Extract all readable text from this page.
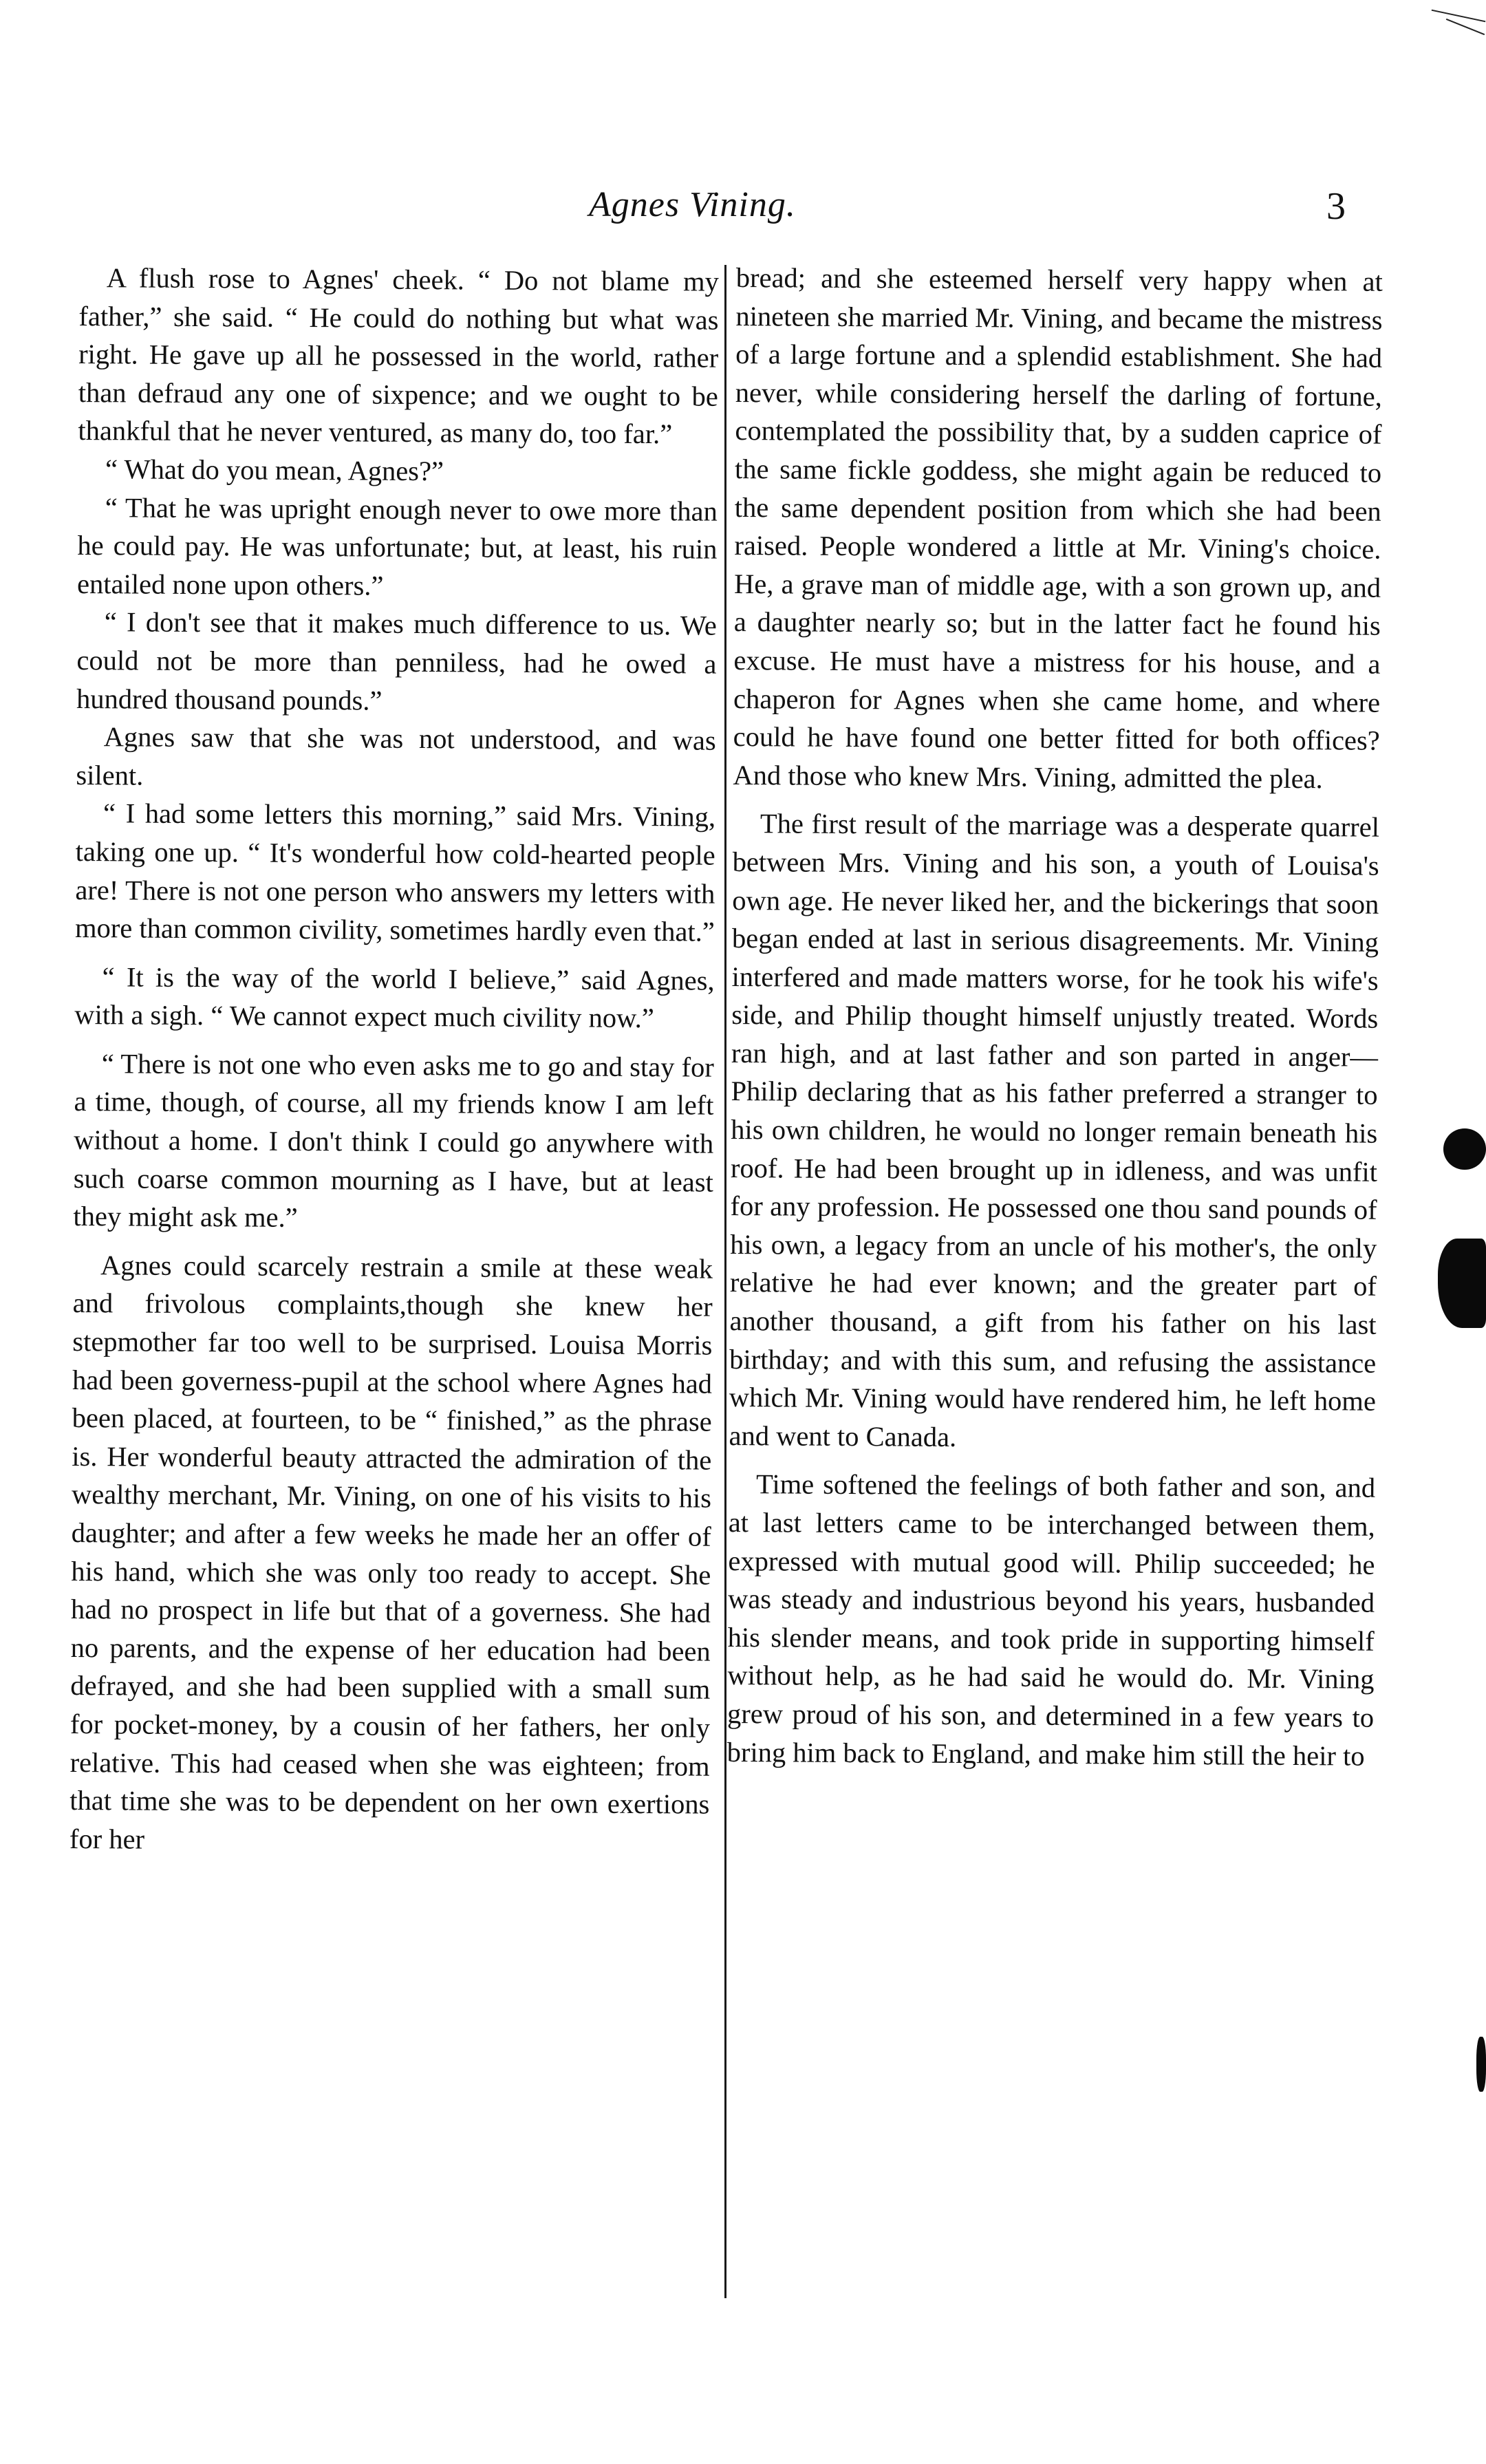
Agnes Vining.	3

A flush rose to Agnes' cheek. “ Do not blame my father,” she said. “ He could do nothing but what was right. He gave up all he possessed in the world, rather than defraud any one of sixpence; and we ought to be thankful that he never ventured, as many do, too far.”

“ What do you mean, Agnes?”

“ That he was upright enough never to owe more than he could pay. He was unfortunate; but, at least, his ruin entailed none upon others.”

“ I don't see that it makes much difference to us. We could not be more than penniless, had he owed a hundred thousand pounds.”

Agnes saw that she was not understood, and was silent.

“ I had some letters this morning,” said Mrs. Vining, taking one up. “ It's wonderful how cold-hearted people are! There is not one person who answers my letters with more than common civility, sometimes hardly even that.”

“ It is the way of the world I believe,” said Agnes, with a sigh. “ We cannot expect much civility now.”

“ There is not one who even asks me to go and stay for a time, though, of course, all my friends know I am left without a home. I don't think I could go anywhere with such coarse common mourning as I have, but at least they might ask me.”

Agnes could scarcely restrain a smile at these weak and frivolous complaints,though she knew her stepmother far too well to be surprised. Louisa Morris had been governess-pupil at the school where Agnes had been placed, at fourteen, to be “ finished,” as the phrase is. Her wonderful beauty attracted the admiration of the wealthy merchant, Mr. Vining, on one of his visits to his daughter; and after a few weeks he made her an offer of his hand, which she was only too ready to accept. She had no prospect in life but that of a governess. She had no parents, and the expense of her education had been defrayed, and she had been supplied with a small sum for pocket-money, by a cousin of her fathers, her only relative. This had ceased when she was eighteen; from that time she was to be dependent on her own exertions for her

bread; and she esteemed herself very happy when at nineteen she married Mr. Vining, and became the mistress of a large fortune and a splendid establishment. She had never, while considering herself the darling of fortune, contemplated the possibility that, by a sudden caprice of the same fickle goddess, she might again be reduced to the same dependent position from which she had been raised. People wondered a little at Mr. Vining's choice. He, a grave man of middle age, with a son grown up, and a daughter nearly so; but in the latter fact he found his excuse. He must have a mistress for his house, and a chaperon for Agnes when she came home, and where could he have found one better fitted for both offices? And those who knew Mrs. Vining, admitted the plea.

The first result of the marriage was a desperate quarrel between Mrs. Vining and his son, a youth of Louisa's own age. He never liked her, and the bickerings that soon began ended at last in serious disagreements. Mr. Vining interfered and made matters worse, for he took his wife's side, and Philip thought himself unjustly treated. Words ran high, and at last father and son parted in anger—Philip declaring that as his father preferred a stranger to his own children, he would no longer remain beneath his roof. He had been brought up in idleness, and was unfit for any profession. He possessed one thou sand pounds of his own, a legacy from an uncle of his mother's, the only relative he had ever known; and the greater part of another thousand, a gift from his father on his last birthday; and with this sum, and refusing the assistance which Mr. Vining would have rendered him, he left home and went to Canada.

Time softened the feelings of both father and son, and at last letters came to be interchanged between them, expressed with mutual good will. Philip succeeded; he was steady and industrious beyond his years, husbanded his slender means, and took pride in supporting himself without help, as he had said he would do. Mr. Vining grew proud of his son, and determined in a few years to bring him back to England, and make him still the heir to
